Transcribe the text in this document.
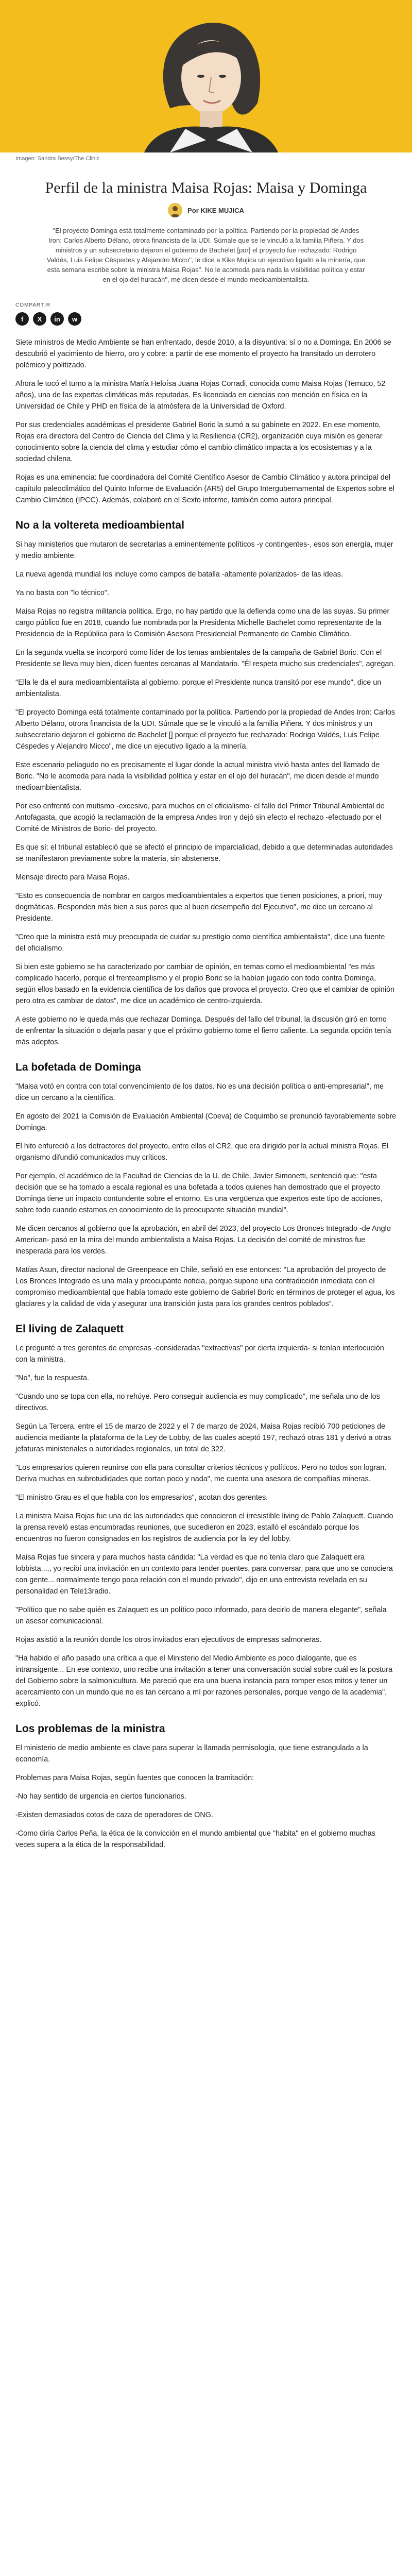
Imagen: Sandra Bessy/The Clinic
Perfil de la ministra Maisa Rojas: Maisa y Dominga
Por KIKE MUJICA

"El proyecto Dominga está totalmente contaminado por la política. Partiendo por la propiedad de Andes Iron: Carlos Alberto Délano, otrora financista de la UDI. Súmale que se le vinculó a la familia Piñera. Y dos ministros y un subsecretario dejaron el gobierno de Bachelet [por] el proyecto fue rechazado: Rodrigo Valdés, Luis Felipe Céspedes y Alejandro Micco", le dice a Kike Mujica un ejecutivo ligado a la minería, que esta semana escribe sobre la ministra Maisa Rojas". No le acomoda para nada la visibilidad política y estar en el ojo del huracán", me dicen desde el mundo medioambientalista.

COMPARTIR
f X in w

Siete ministros de Medio Ambiente se han enfrentado, desde 2010, a la disyuntiva: sí o no a Dominga. En 2006 se descubrió el yacimiento de hierro, oro y cobre: a partir de ese momento el proyecto ha transitado un derrotero polémico y politizado.

Ahora le tocó el turno a la ministra María Heloísa Juana Rojas Corradi, conocida como Maisa Rojas (Temuco, 52 años), una de las expertas climáticas más reputadas. Es licenciada en ciencias con mención en física en la Universidad de Chile y PHD en física de la atmósfera de la Universidad de Oxford.

Por sus credenciales académicas el presidente Gabriel Boric la sumó a su gabinete en 2022. En ese momento, Rojas era directora del Centro de Ciencia del Clima y la Resiliencia (CR2), organización cuya misión es generar conocimiento sobre la ciencia del clima y estudiar cómo el cambio climático impacta a los ecosistemas y a la sociedad chilena.

Rojas es una eminencia: fue coordinadora del Comité Científico Asesor de Cambio Climático y autora principal del capítulo paleoclimático del Quinto Informe de Evaluación (AR5) del Grupo Intergubernamental de Expertos sobre el Cambio Climático (IPCC). Además, colaboró en el Sexto informe, también como autora principal.

No a la voltereta medioambiental

Si hay ministerios que mutaron de secretarías a eminentemente políticos -y contingentes-, esos son energía, mujer y medio ambiente.

La nueva agenda mundial los incluye como campos de batalla -altamente polarizados- de las ideas.

Ya no basta con "lo técnico".

Maisa Rojas no registra militancia política. Ergo, no hay partido que la defienda como una de las suyas. Su primer cargo público fue en 2018, cuando fue nombrada por la Presidenta Michelle Bachelet como representante de la Presidencia de la República para la Comisión Asesora Presidencial Permanente de Cambio Climático.

En la segunda vuelta se incorporó como líder de los temas ambientales de la campaña de Gabriel Boric. Con el Presidente se lleva muy bien, dicen fuentes cercanas al Mandatario. "Él respeta mucho sus credenciales", agregan.

"Ella le da el aura medioambientalista al gobierno, porque el Presidente nunca transitó por ese mundo", dice un ambientalista.

"El proyecto Dominga está totalmente contaminado por la política. Partiendo por la propiedad de Andes Iron: Carlos Alberto Délano, otrora financista de la UDI. Súmale que se le vinculó a la familia Piñera. Y dos ministros y un subsecretario dejaron el gobierno de Bachelet [] porque el proyecto fue rechazado: Rodrigo Valdés, Luis Felipe Céspedes y Alejandro Micco", me dice un ejecutivo ligado a la minería.

Este escenario peliagudo no es precisamente el lugar donde la actual ministra vivió hasta antes del llamado de Boric. "No le acomoda para nada la visibilidad política y estar en el ojo del huracán", me dicen desde el mundo medioambientalista.

Por eso enfrentó con mutismo -excesivo, para muchos en el oficialismo- el fallo del Primer Tribunal Ambiental de Antofagasta, que acogió la reclamación de la empresa Andes Iron y dejó sin efecto el rechazo -efectuado por el Comité de Ministros de Boric- del proyecto.

Es que sí: el tribunal estableció que se afectó el principio de imparcialidad, debido a que determinadas autoridades se manifestaron previamente sobre la materia, sin abstenerse.

Mensaje directo para Maisa Rojas.

"Esto es consecuencia de nombrar en cargos medioambientales a expertos que tienen posiciones, a priori, muy dogmáticas. Responden más bien a sus pares que al buen desempeño del Ejecutivo", me dice un cercano al Presidente.

"Creo que la ministra está muy preocupada de cuidar su prestigio como científica ambientalista", dice una fuente del oficialismo.

Si bien este gobierno se ha caracterizado por cambiar de opinión, en temas como el medioambiental "es más complicado hacerlo, porque el frenteamplismo y el propio Boric se la habían jugado con todo contra Dominga, según ellos basado en la evidencia científica de los daños que provoca el proyecto. Creo que el cambiar de opinión pero otra es cambiar de datos", me dice un académico de centro-izquierda.

A este gobierno no le queda más que rechazar Dominga. Después del fallo del tribunal, la discusión giró en torno de enfrentar la situación o dejarla pasar y que el próximo gobierno tome el fierro caliente. La segunda opción tenía más adeptos.

La bofetada de Dominga

"Maisa votó en contra con total convencimiento de los datos. No es una decisión política o anti-empresarial", me dice un cercano a la científica.

En agosto del 2021 la Comisión de Evaluación Ambiental (Coeva) de Coquimbo se pronunció favorablemente sobre Dominga.

El hito enfureció a los detractores del proyecto, entre ellos el CR2, que era dirigido por la actual ministra Rojas. El organismo difundió comunicados muy críticos.

Por ejemplo, el académico de la Facultad de Ciencias de la U. de Chile, Javier Simonetti, sentenció que: "esta decisión que se ha tomado a escala regional es una bofetada a todos quienes han demostrado que el proyecto Dominga tiene un impacto contundente sobre el entorno. Es una vergüenza que expertos este tipo de acciones, sobre todo cuando estamos en conocimiento de la preocupante situación mundial".

Me dicen cercanos al gobierno que la aprobación, en abril del 2023, del proyecto Los Bronces Integrado -de Anglo American- pasó en la mira del mundo ambientalista a Maisa Rojas. La decisión del comité de ministros fue inesperada para los verdes.

Matías Asun, director nacional de Greenpeace en Chile, señaló en ese entonces: "La aprobación del proyecto de Los Bronces Integrado es una mala y preocupante noticia, porque supone una contradicción inmediata con el compromiso medioambiental que había tomado este gobierno de Gabriel Boric en términos de proteger el agua, los glaciares y la calidad de vida y asegurar una transición justa para los grandes centros poblados".

El living de Zalaquett

Le pregunté a tres gerentes de empresas -consideradas "extractivas" por cierta izquierda- si tenían interlocución con la ministra.

"No", fue la respuesta.

"Cuando uno se topa con ella, no rehúye. Pero conseguir audiencia es muy complicado", me señala uno de los directivos.

Según La Tercera, entre el 15 de marzo de 2022 y el 7 de marzo de 2024, Maisa Rojas recibió 700 peticiones de audiencia mediante la plataforma de la Ley de Lobby, de las cuales aceptó 197, rechazó otras 181 y derivó a otras jefaturas ministeriales o autoridades regionales, un total de 322.

"Los empresarios quieren reunirse con ella para consultar criterios técnicos y políticos. Pero no todos son logran. Deriva muchas en subrotudidades que cortan poco y nada", me cuenta una asesora de compañías mineras.

"El ministro Grau es el que habla con los empresarios", acotan dos gerentes.

La ministra Maisa Rojas fue una de las autoridades que conocieron el irresistible living de Pablo Zalaquett. Cuando la prensa reveló estas encumbradas reuniones, que sucedieron en 2023, estalló el escándalo porque los encuentros no fueron consignados en los registros de audiencia por la ley del lobby.

Maisa Rojas fue sincera y para muchos hasta cándida: "La verdad es que no tenía claro que Zalaquett era lobbista...., yo recibí una invitación en un contexto para tender puentes, para conversar, para que uno se conociera con gente... normalmente tengo poca relación con el mundo privado", dijo en una entrevista revelada en su personalidad en Tele13radio.

"Político que no sabe quién es Zalaquett es un político poco informado, para decirlo de manera elegante", señala un asesor comunicacional.

Rojas asistió a la reunión donde los otros invitados eran ejecutivos de empresas salmoneras.

"Ha habido el año pasado una crítica a que el Ministerio del Medio Ambiente es poco dialogante, que es intransigente... En ese contexto, uno recibe una invitación a tener una conversación social sobre cuál es la postura del Gobierno sobre la salmonicultura. Me pareció que era una buena instancia para romper esos mitos y tener un acercamiento con un mundo que no es tan cercano a mí por razones personales, porque vengo de la academia", explicó.

Los problemas de la ministra

El ministerio de medio ambiente es clave para superar la llamada permisología, que tiene estrangulada a la economía.

Problemas para Maisa Rojas, según fuentes que conocen la tramitación:

-No hay sentido de urgencia en ciertos funcionarios.

-Existen demasiados cotos de caza de operadores de ONG.

-Como diría Carlos Peña, la ética de la convicción en el mundo ambiental que "habita" en el gobierno muchas veces supera a la ética de la responsabilidad.
